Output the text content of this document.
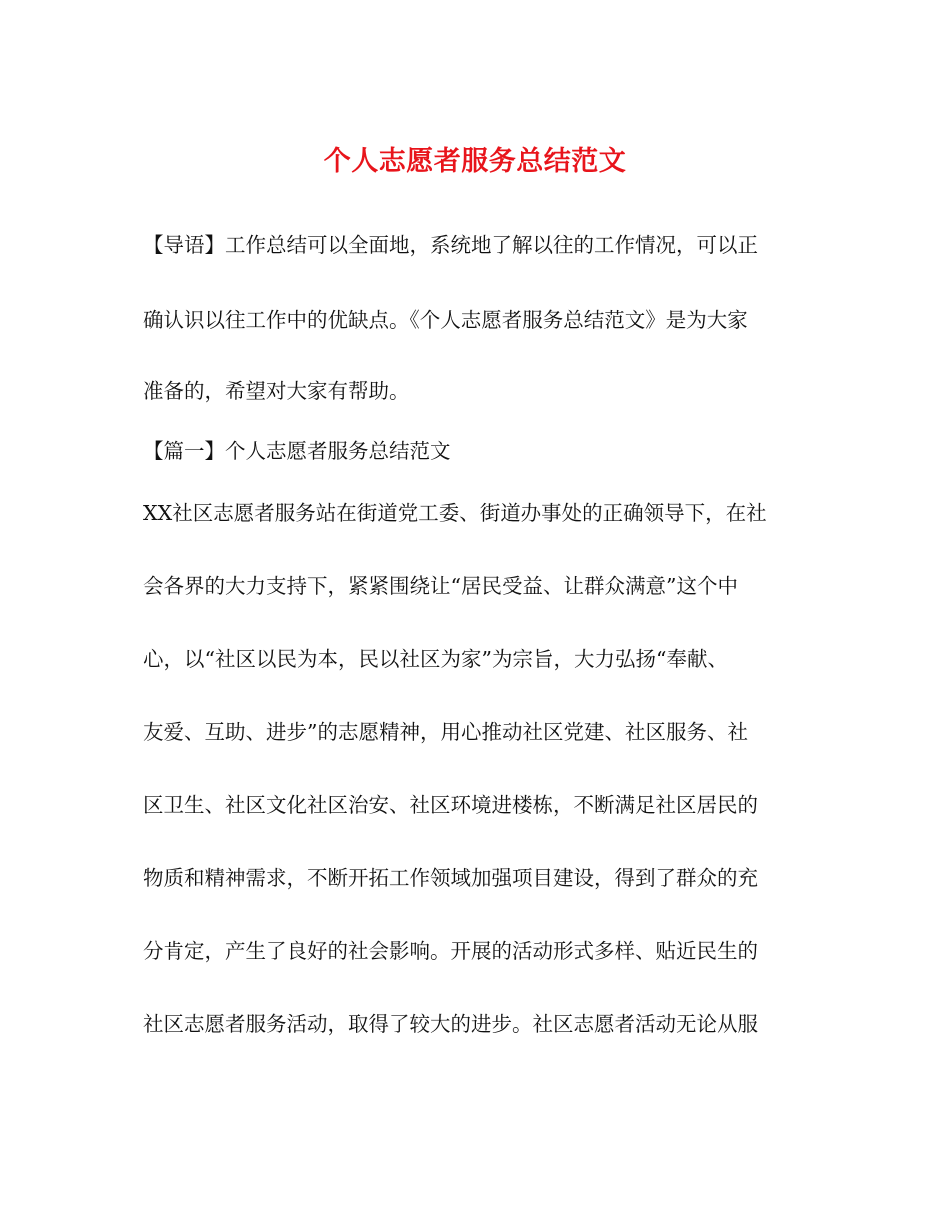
个人志愿者服务总结范文
【导语】工作总结可以全面地，系统地了解以往的工作情况，可以正
确认识以往工作中的优缺点。《个人志愿者服务总结范文》是为大家
准备的，希望对大家有帮助。
【篇一】个人志愿者服务总结范文
XX社区志愿者服务站在街道党工委、街道办事处的正确领导下，在社
会各界的大力支持下，紧紧围绕让“居民受益、让群众满意”这个中
心，以“社区以民为本，民以社区为家”为宗旨，大力弘扬“奉献、
友爱、互助、进步”的志愿精神，用心推动社区党建、社区服务、社
区卫生、社区文化社区治安、社区环境进楼栋，不断满足社区居民的
物质和精神需求，不断开拓工作领域加强项目建设，得到了群众的充
分肯定，产生了良好的社会影响。开展的活动形式多样、贴近民生的
社区志愿者服务活动，取得了较大的进步。社区志愿者活动无论从服
